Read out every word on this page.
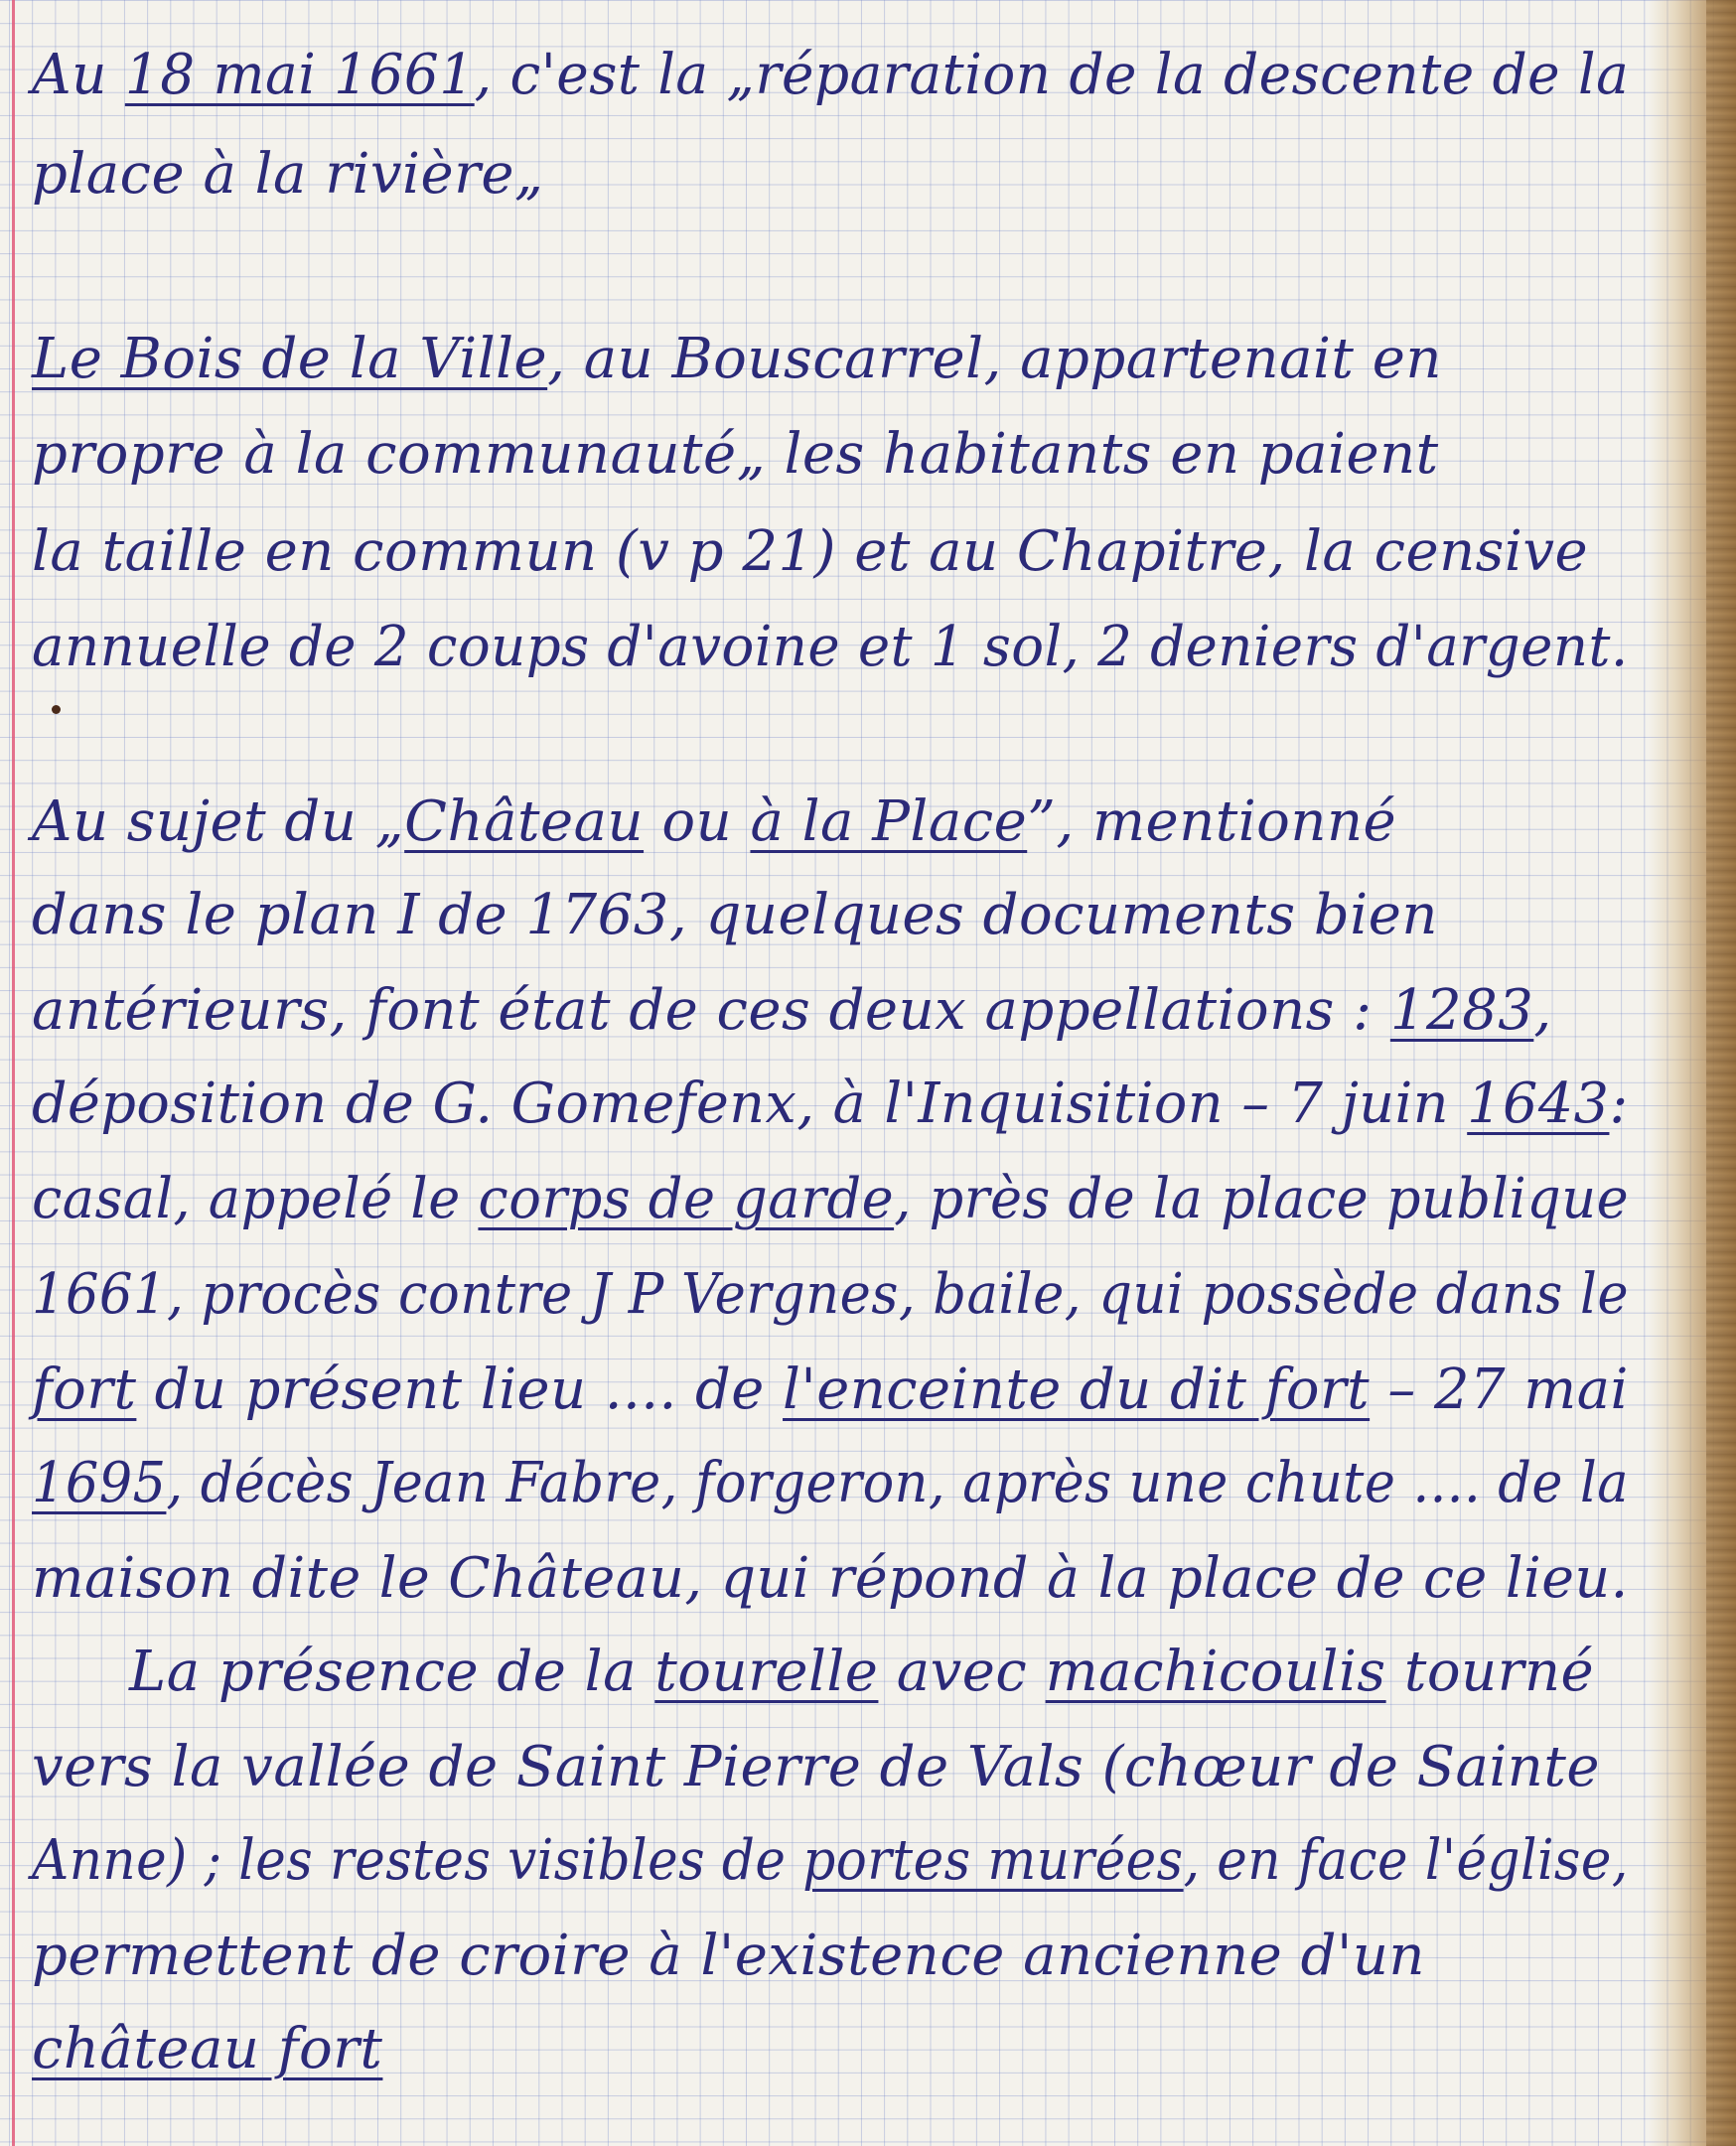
Au 18 mai 1661, c'est la „réparation de la descente de la
place à la rivière„
Le Bois de la Ville, au Bouscarrel, appartenait en
propre à la communauté„ les habitants en paient
la taille en commun (v p 21) et au Chapitre, la censive
annuelle de 2 coups d'avoine et 1 sol, 2 deniers d'argent.
Au sujet du „Château ou à la Place”, mentionné
dans le plan I de 1763, quelques documents bien
antérieurs, font état de ces deux appellations : 1283,
déposition de G. Gomefenx, à l'Inquisition – 7 juin 1643:
casal, appelé le corps de garde, près de la place publique
1661, procès contre J P Vergnes, baile, qui possède dans le
fort du présent lieu .... de l'enceinte du dit fort – 27 mai
1695, décès Jean Fabre, forgeron, après une chute .... de la
maison dite le Château, qui répond à la place de ce lieu.
La présence de la tourelle avec machicoulis tourné
vers la vallée de Saint Pierre de Vals (chœur de Sainte
Anne) ; les restes visibles de portes murées, en face l'église,
permettent de croire à l'existence ancienne d'un
château fort
